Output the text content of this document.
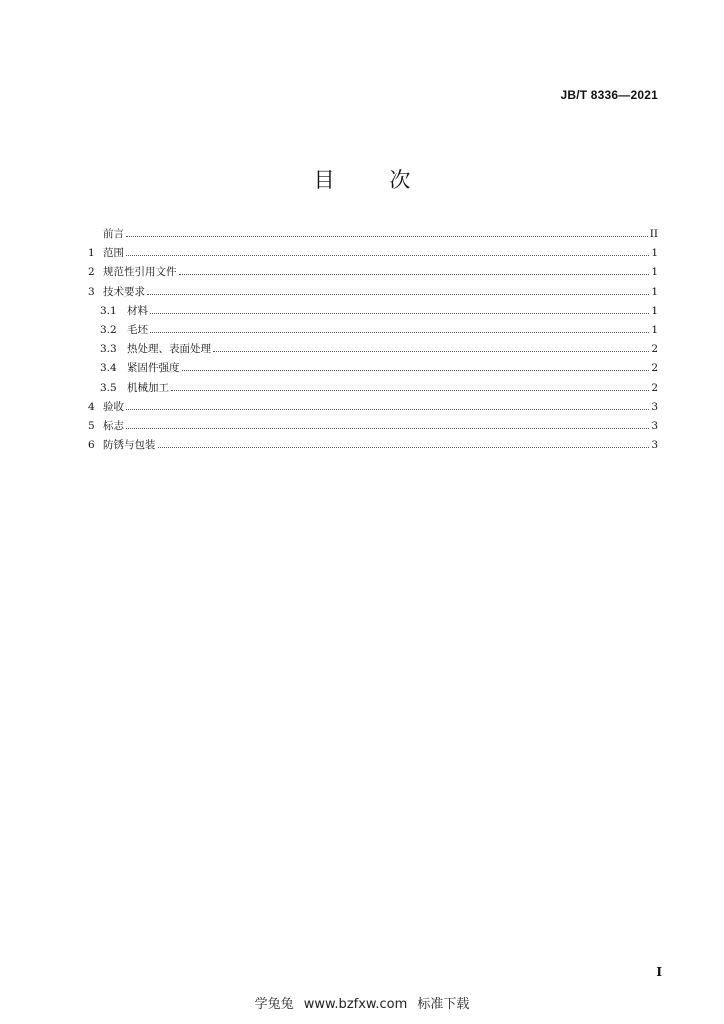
JB/T 8336—2021
目 次
前言	II
1 范围	1
2 规范性引用文件	1
3 技术要求	1
3.1 材料	1
3.2 毛坯	1
3.3 热处理、表面处理	2
3.4 紧固件强度	2
3.5 机械加工	2
4 验收	3
5 标志	3
6 防锈与包装	3
I
学兔兔 www.bzfxw.com 标准下载
